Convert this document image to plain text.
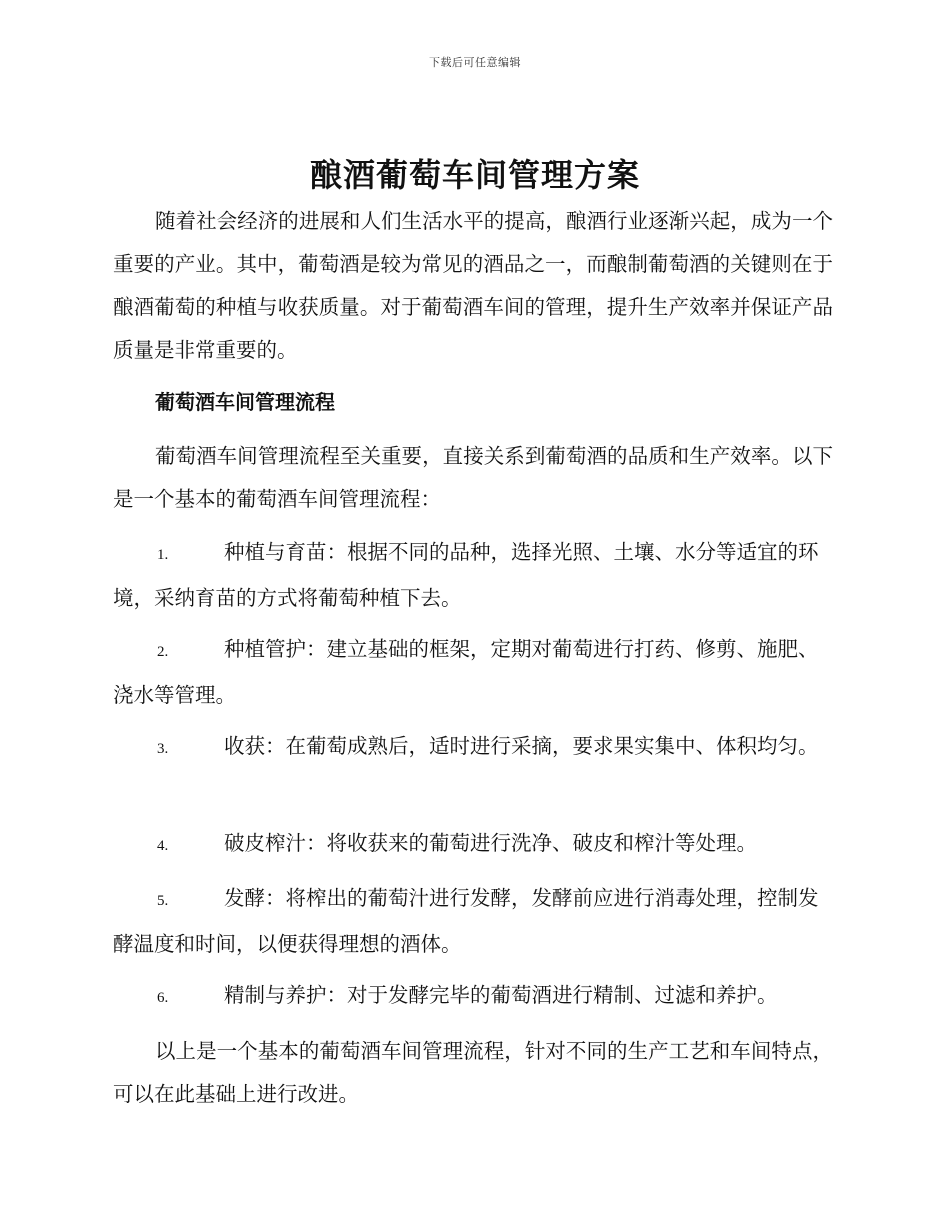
下载后可任意编辑
酿酒葡萄车间管理方案
随着社会经济的进展和人们生活水平的提高，酿酒行业逐渐兴起，成为一个重要的产业。其中，葡萄酒是较为常见的酒品之一，而酿制葡萄酒的关键则在于酿酒葡萄的种植与收获质量。对于葡萄酒车间的管理，提升生产效率并保证产品质量是非常重要的。
葡萄酒车间管理流程
葡萄酒车间管理流程至关重要，直接关系到葡萄酒的品质和生产效率。以下是一个基本的葡萄酒车间管理流程：
1.	种植与育苗：根据不同的品种，选择光照、土壤、水分等适宜的环境，采纳育苗的方式将葡萄种植下去。
2.	种植管护：建立基础的框架，定期对葡萄进行打药、修剪、施肥、浇水等管理。
3.	收获：在葡萄成熟后，适时进行采摘，要求果实集中、体积均匀。
4.	破皮榨汁：将收获来的葡萄进行洗净、破皮和榨汁等处理。
5.	发酵：将榨出的葡萄汁进行发酵，发酵前应进行消毒处理，控制发酵温度和时间，以便获得理想的酒体。
6.	精制与养护：对于发酵完毕的葡萄酒进行精制、过滤和养护。
以上是一个基本的葡萄酒车间管理流程，针对不同的生产工艺和车间特点，可以在此基础上进行改进。
